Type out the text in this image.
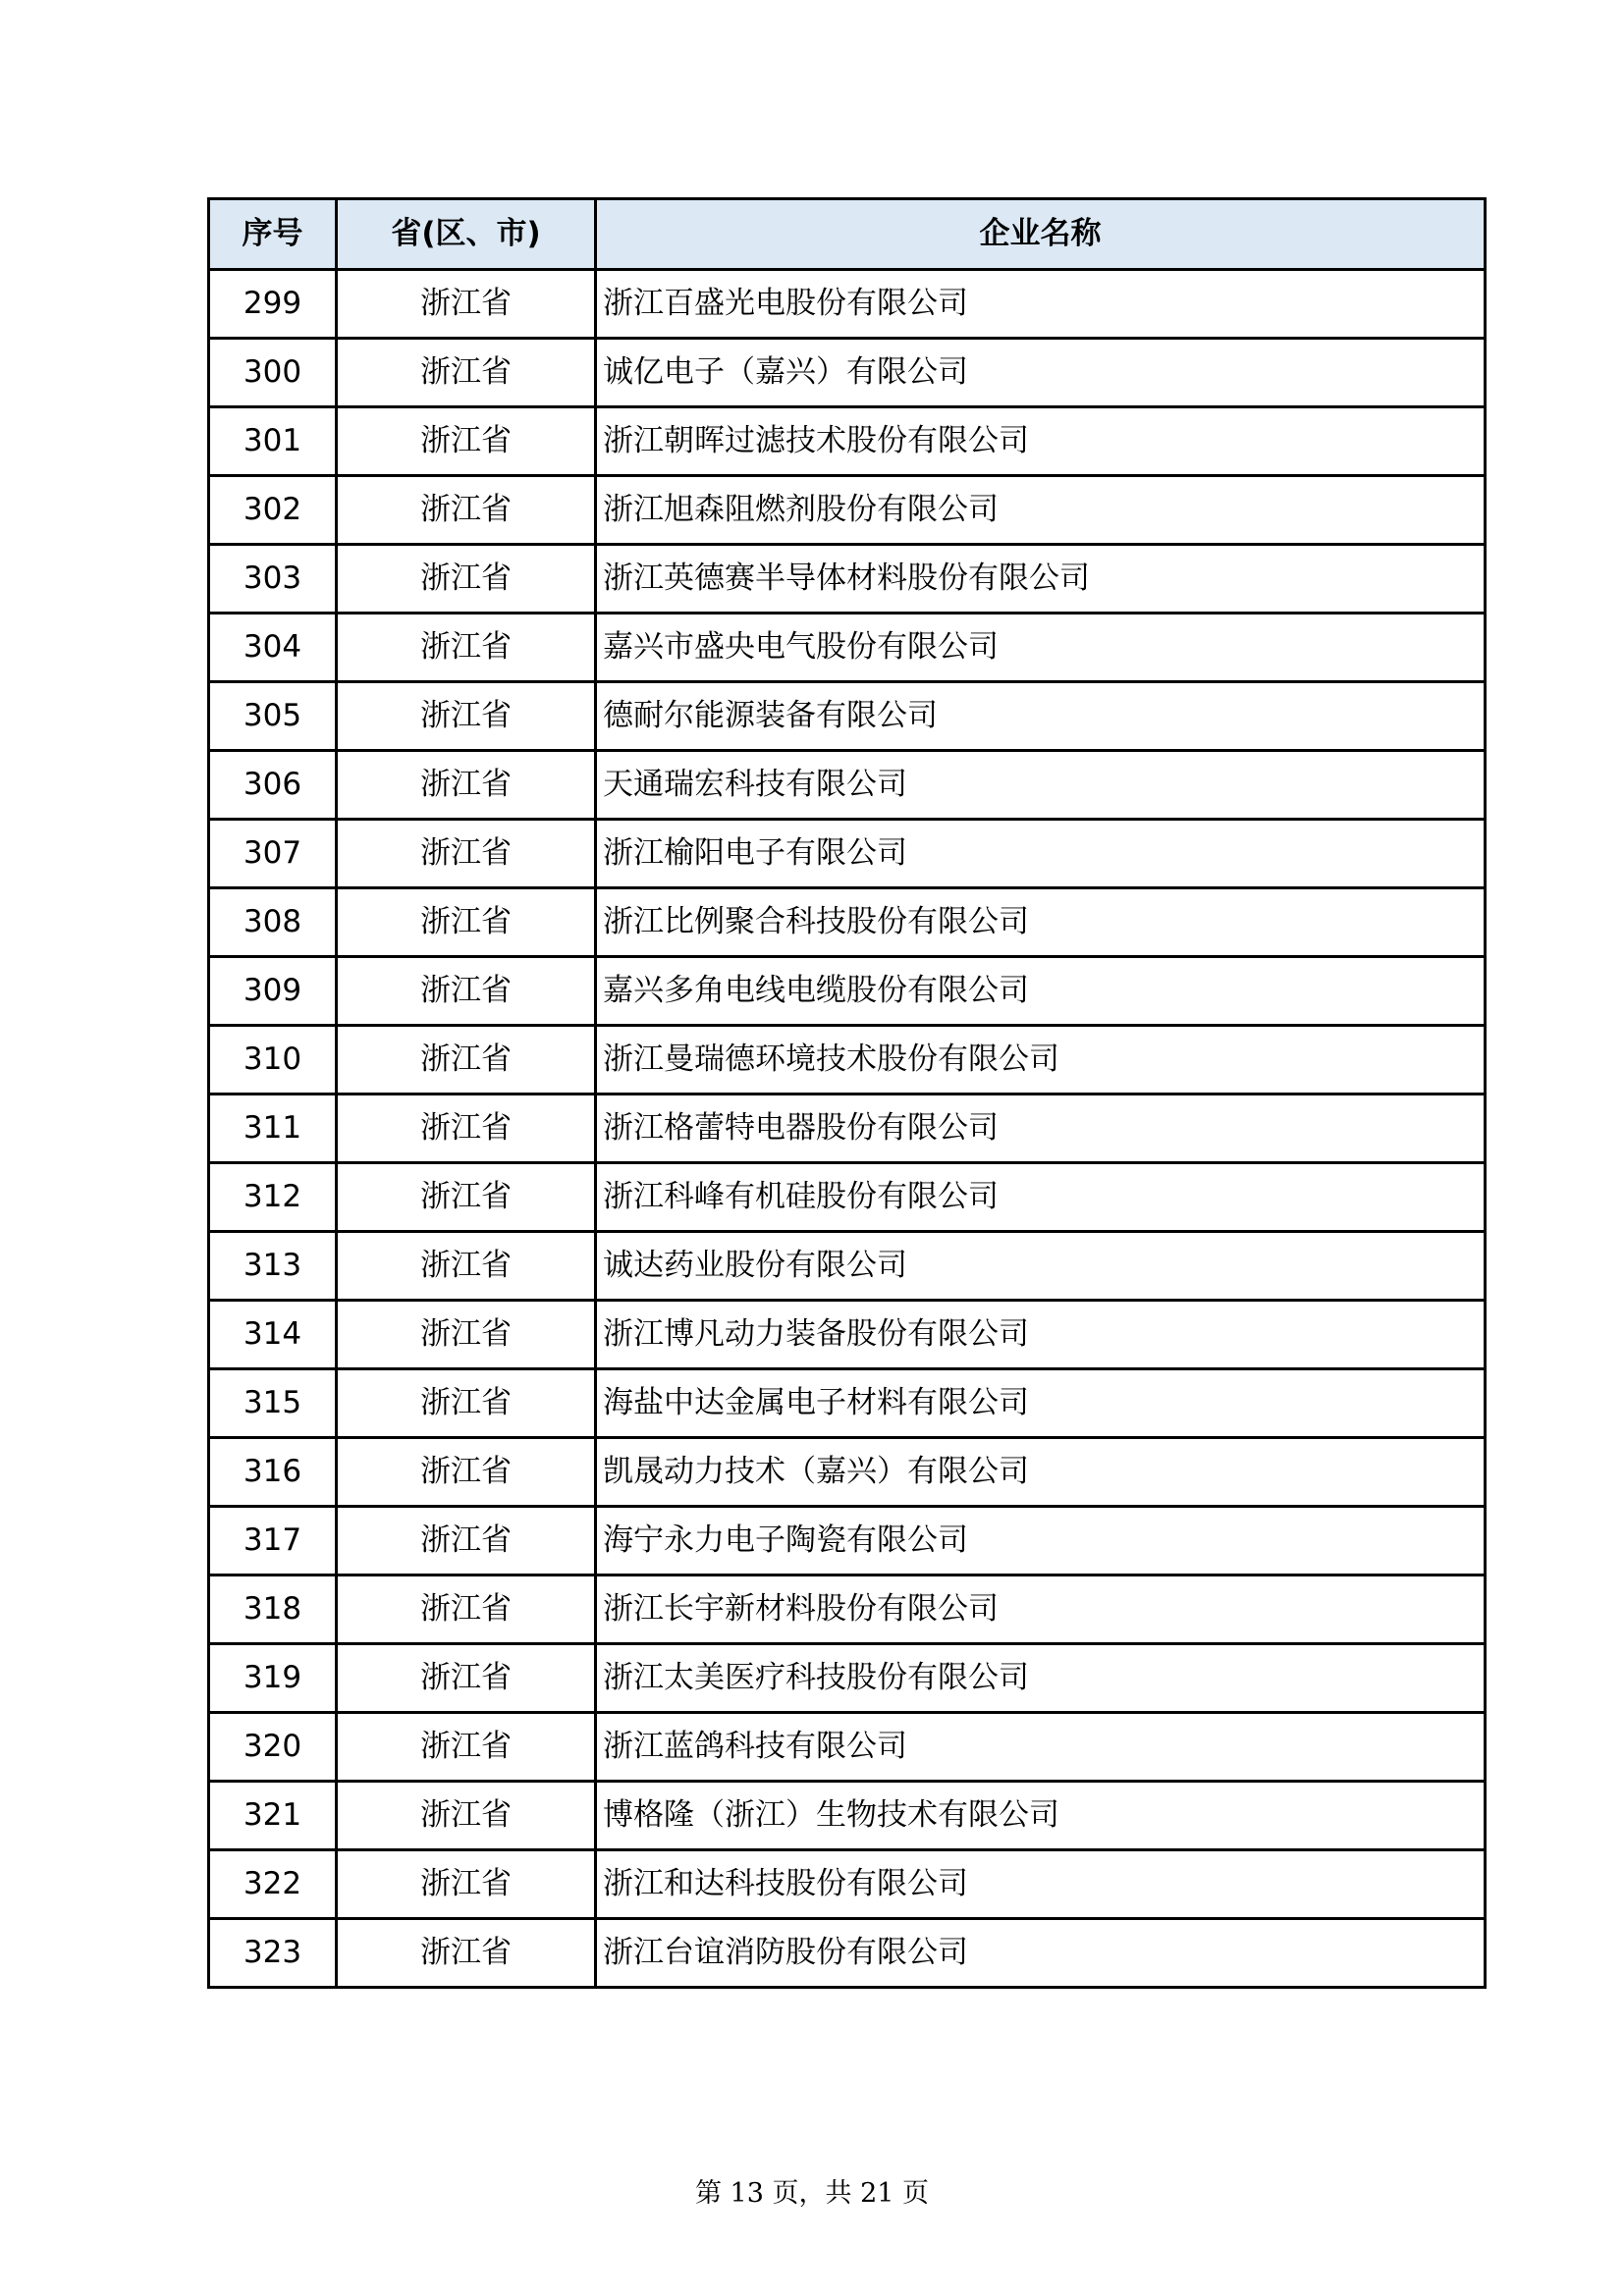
序号	省(区、市)	企业名称
299	浙江省	浙江百盛光电股份有限公司
300	浙江省	诚亿电子（嘉兴）有限公司
301	浙江省	浙江朝晖过滤技术股份有限公司
302	浙江省	浙江旭森阻燃剂股份有限公司
303	浙江省	浙江英德赛半导体材料股份有限公司
304	浙江省	嘉兴市盛央电气股份有限公司
305	浙江省	德耐尔能源装备有限公司
306	浙江省	天通瑞宏科技有限公司
307	浙江省	浙江榆阳电子有限公司
308	浙江省	浙江比例聚合科技股份有限公司
309	浙江省	嘉兴多角电线电缆股份有限公司
310	浙江省	浙江曼瑞德环境技术股份有限公司
311	浙江省	浙江格蕾特电器股份有限公司
312	浙江省	浙江科峰有机硅股份有限公司
313	浙江省	诚达药业股份有限公司
314	浙江省	浙江博凡动力装备股份有限公司
315	浙江省	海盐中达金属电子材料有限公司
316	浙江省	凯晟动力技术（嘉兴）有限公司
317	浙江省	海宁永力电子陶瓷有限公司
318	浙江省	浙江长宇新材料股份有限公司
319	浙江省	浙江太美医疗科技股份有限公司
320	浙江省	浙江蓝鸽科技有限公司
321	浙江省	博格隆（浙江）生物技术有限公司
322	浙江省	浙江和达科技股份有限公司
323	浙江省	浙江台谊消防股份有限公司
第 13 页，共 21 页
